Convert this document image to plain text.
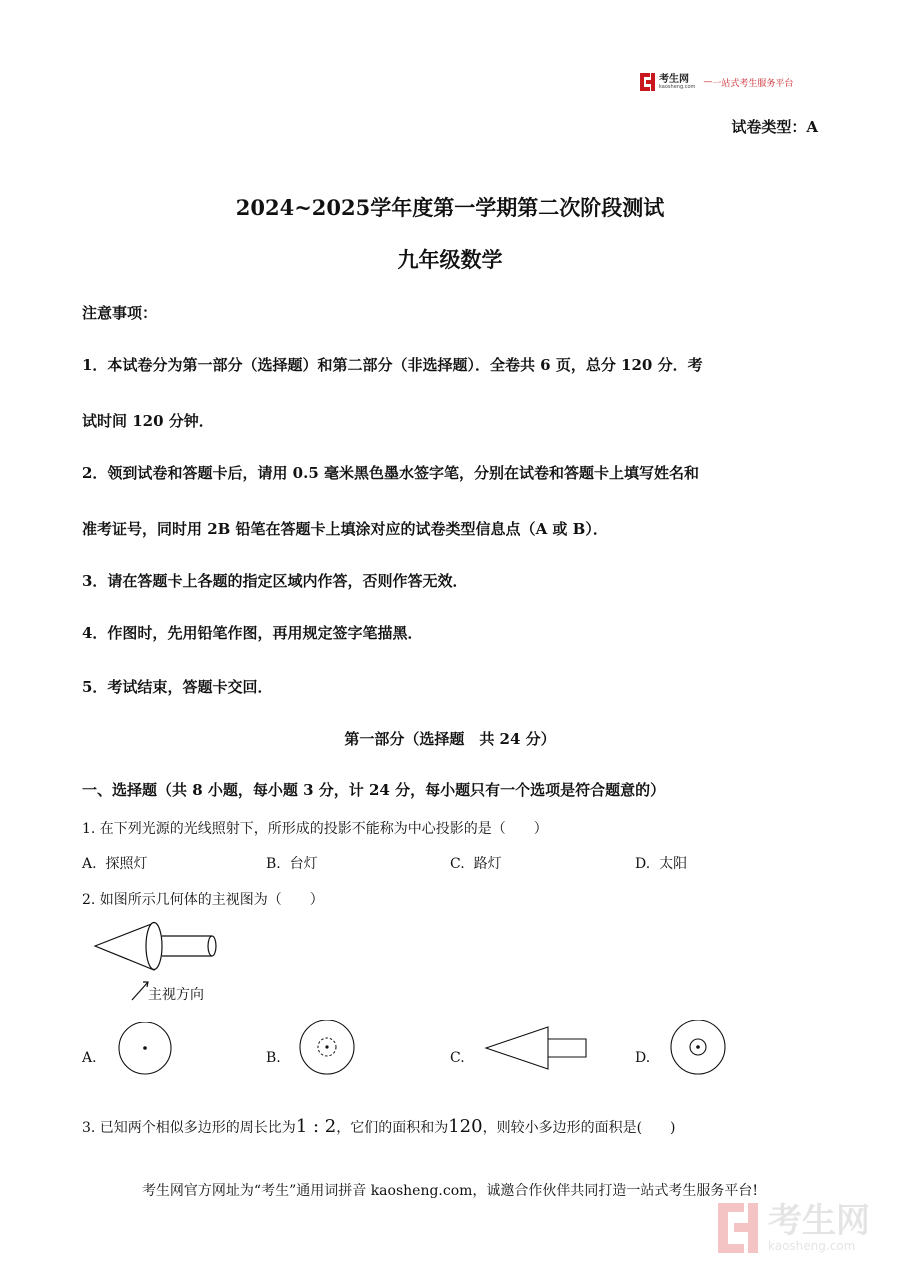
考生网
kaosheng.com — 一站式考生服务平台
试卷类型：A
2024~2025学年度第一学期第二次阶段测试
九年级数学
注意事项：
1．本试卷分为第一部分（选择题）和第二部分（非选择题）．全卷共 6 页，总分 120 分．考
试时间 120 分钟．
2．领到试卷和答题卡后，请用 0.5 毫米黑色墨水签字笔，分别在试卷和答题卡上填写姓名和
准考证号，同时用 2B 铅笔在答题卡上填涂对应的试卷类型信息点（A 或 B）．
3．请在答题卡上各题的指定区域内作答，否则作答无效．
4．作图时，先用铅笔作图，再用规定签字笔描黑．
5．考试结束，答题卡交回．
第一部分（选择题　共 24 分）
一、选择题（共 8 小题，每小题 3 分，计 24 分，每小题只有一个选项是符合题意的）
1. 在下列光源的光线照射下，所形成的投影不能称为中心投影的是（　　）
A. 探照灯	B. 台灯	C. 路灯	D. 太阳
2. 如图所示几何体的主视图为（　　）
主视方向
A.	B.	C.	D.
3. 已知两个相似多边形的周长比为1 : 2，它们的面积和为120，则较小多边形的面积是(　　)
考生网官方网址为“考生”通用词拼音 kaosheng.com，诚邀合作伙伴共同打造一站式考生服务平台!
考生网
kaosheng.com
